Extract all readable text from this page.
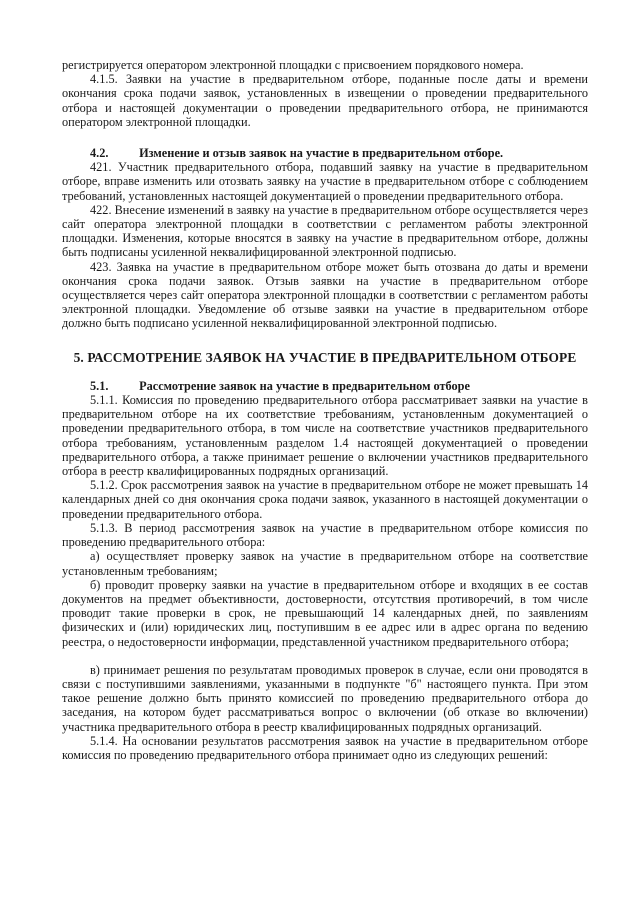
регистрируется оператором электронной площадки с присвоением порядкового номера.

4.1.5. Заявки на участие в предварительном отборе, поданные после даты и времени окончания срока подачи заявок, установленных в извещении о проведении предварительного отбора и настоящей документации о проведении предварительного отбора, не принимаются оператором электронной площадки.

4.2. Изменение и отзыв заявок на участие в предварительном отборе.

421. Участник предварительного отбора, подавший заявку на участие в предварительном отборе, вправе изменить или отозвать заявку на участие в предварительном отборе с соблюдением требований, установленных настоящей документацией о проведении предварительного отбора.

422. Внесение изменений в заявку на участие в предварительном отборе осуществляется через сайт оператора электронной площадки в соответствии с регламентом работы электронной площадки. Изменения, которые вносятся в заявку на участие в предварительном отборе, должны быть подписаны усиленной неквалифицированной электронной подписью.

423. Заявка на участие в предварительном отборе может быть отозвана до даты и времени окончания срока подачи заявок. Отзыв заявки на участие в предварительном отборе осуществляется через сайт оператора электронной площадки в соответствии с регламентом работы электронной площадки. Уведомление об отзыве заявки на участие в предварительном отборе должно быть подписано усиленной неквалифицированной электронной подписью.

5. РАССМОТРЕНИЕ ЗАЯВОК НА УЧАСТИЕ В ПРЕДВАРИТЕЛЬНОМ ОТБОРЕ

5.1. Рассмотрение заявок на участие в предварительном отборе

5.1.1. Комиссия по проведению предварительного отбора рассматривает заявки на участие в предварительном отборе на их соответствие требованиям, установленным документацией о проведении предварительного отбора, в том числе на соответствие участников предварительного отбора требованиям, установленным разделом 1.4 настоящей документацией о проведении предварительного отбора, а также принимает решение о включении участников предварительного отбора в реестр квалифицированных подрядных организаций.

5.1.2. Срок рассмотрения заявок на участие в предварительном отборе не может превышать 14 календарных дней со дня окончания срока подачи заявок, указанного в настоящей документации о проведении предварительного отбора.

5.1.3. В период рассмотрения заявок на участие в предварительном отборе комиссия по проведению предварительного отбора:

а) осуществляет проверку заявок на участие в предварительном отборе на соответствие установленным требованиям;

б) проводит проверку заявки на участие в предварительном отборе и входящих в ее состав документов на предмет объективности, достоверности, отсутствия противоречий, в том числе проводит такие проверки в срок, не превышающий 14 календарных дней, по заявлениям физических и (или) юридических лиц, поступившим в ее адрес или в адрес органа по ведению реестра, о недостоверности информации, представленной участником предварительного отбора;

в) принимает решения по результатам проводимых проверок в случае, если они проводятся в связи с поступившими заявлениями, указанными в подпункте "б" настоящего пункта. При этом такое решение должно быть принято комиссией по проведению предварительного отбора до заседания, на котором будет рассматриваться вопрос о включении (об отказе во включении) участника предварительного отбора в реестр квалифицированных подрядных организаций.

5.1.4. На основании результатов рассмотрения заявок на участие в предварительном отборе комиссия по проведению предварительного отбора принимает одно из следующих решений:
